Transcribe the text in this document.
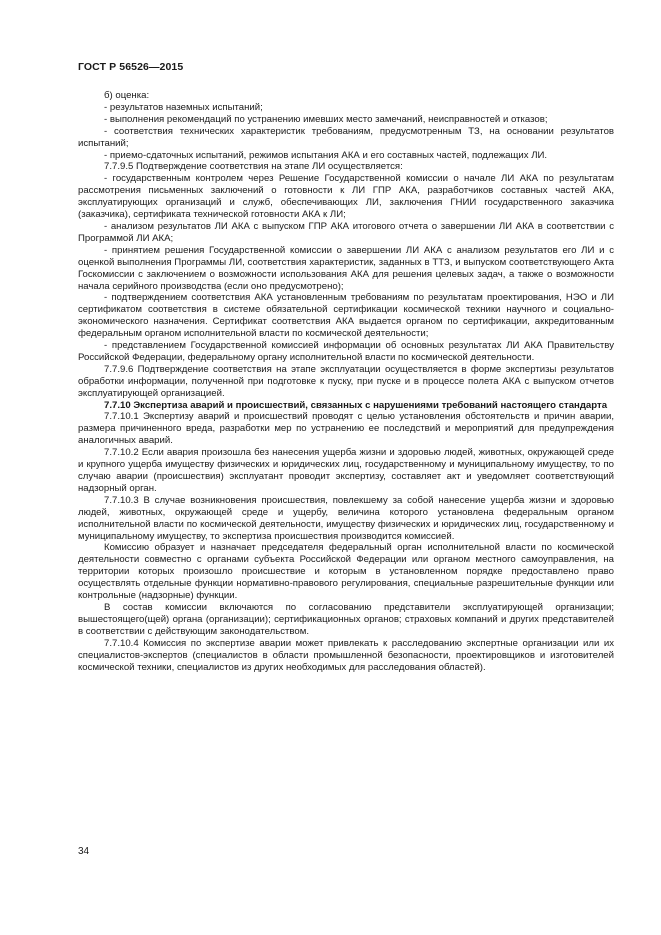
ГОСТ Р 56526—2015

б) оценка:

- результатов наземных испытаний;

- выполнения рекомендаций по устранению имевших место замечаний, неисправностей и отказов;

- соответствия технических характеристик требованиям, предусмотренным ТЗ, на основании результатов испытаний;

- приемо-сдаточных испытаний, режимов испытания АКА и его составных частей, подлежащих ЛИ.

7.7.9.5 Подтверждение соответствия на этапе ЛИ осуществляется:

- государственным контролем через Решение Государственной комиссии о начале ЛИ АКА по результатам рассмотрения письменных заключений о готовности к ЛИ ГПР АКА, разработчиков составных частей АКА, эксплуатирующих организаций и служб, обеспечивающих ЛИ, заключения ГНИИ государственного заказчика (заказчика), сертификата технической готовности АКА к ЛИ;

- анализом результатов ЛИ АКА с выпуском ГПР АКА итогового отчета о завершении ЛИ АКА в соответствии с Программой ЛИ АКА;

- принятием решения Государственной комиссии о завершении ЛИ АКА с анализом результатов его ЛИ и с оценкой выполнения Программы ЛИ, соответствия характеристик, заданных в ТТЗ, и выпуском соответствующего Акта Госкомиссии с заключением о возможности использования АКА для решения целевых задач, а также о возможности начала серийного производства (если оно предусмотрено);

- подтверждением соответствия АКА установленным требованиям по результатам проектирования, НЭО и ЛИ сертификатом соответствия в системе обязательной сертификации космической техники научного и социально-экономического назначения. Сертификат соответствия АКА выдается органом по сертификации, аккредитованным федеральным органом исполнительной власти по космической деятельности;

- представлением Государственной комиссией информации об основных результатах ЛИ АКА Правительству Российской Федерации, федеральному органу исполнительной власти по космической деятельности.

7.7.9.6 Подтверждение соответствия на этапе эксплуатации осуществляется в форме экспертизы результатов обработки информации, полученной при подготовке к пуску, при пуске и в процессе полета АКА с выпуском отчетов эксплуатирующей организацией.

7.7.10 Экспертиза аварий и происшествий, связанных с нарушениями требований настоящего стандарта

7.7.10.1 Экспертизу аварий и происшествий проводят с целью установления обстоятельств и причин аварии, размера причиненного вреда, разработки мер по устранению ее последствий и мероприятий для предупреждения аналогичных аварий.

7.7.10.2 Если авария произошла без нанесения ущерба жизни и здоровью людей, животных, окружающей среде и крупного ущерба имуществу физических и юридических лиц, государственному и муниципальному имуществу, то по случаю аварии (происшествия) эксплуатант проводит экспертизу, составляет акт и уведомляет соответствующий надзорный орган.

7.7.10.3 В случае возникновения происшествия, повлекшему за собой нанесение ущерба жизни и здоровью людей, животных, окружающей среде и ущербу, величина которого установлена федеральным органом исполнительной власти по космической деятельности, имуществу физических и юридических лиц, государственному и муниципальному имуществу, то экспертиза происшествия производится комиссией.

Комиссию образует и назначает председателя федеральный орган исполнительной власти по космической деятельности совместно с органами субъекта Российской Федерации или органом местного самоуправления, на территории которых произошло происшествие и которым в установленном порядке предоставлено право осуществлять отдельные функции нормативно-правового регулирования, специальные разрешительные функции или контрольные (надзорные) функции.

В состав комиссии включаются по согласованию представители эксплуатирующей организации; вышестоящего(щей) органа (организации); сертификационных органов; страховых компаний и других представителей в соответствии с действующим законодательством.

7.7.10.4 Комиссия по экспертизе аварии может привлекать к расследованию экспертные организации или их специалистов-экспертов (специалистов в области промышленной безопасности, проектировщиков и изготовителей космической техники, специалистов из других необходимых для расследования областей).

34
